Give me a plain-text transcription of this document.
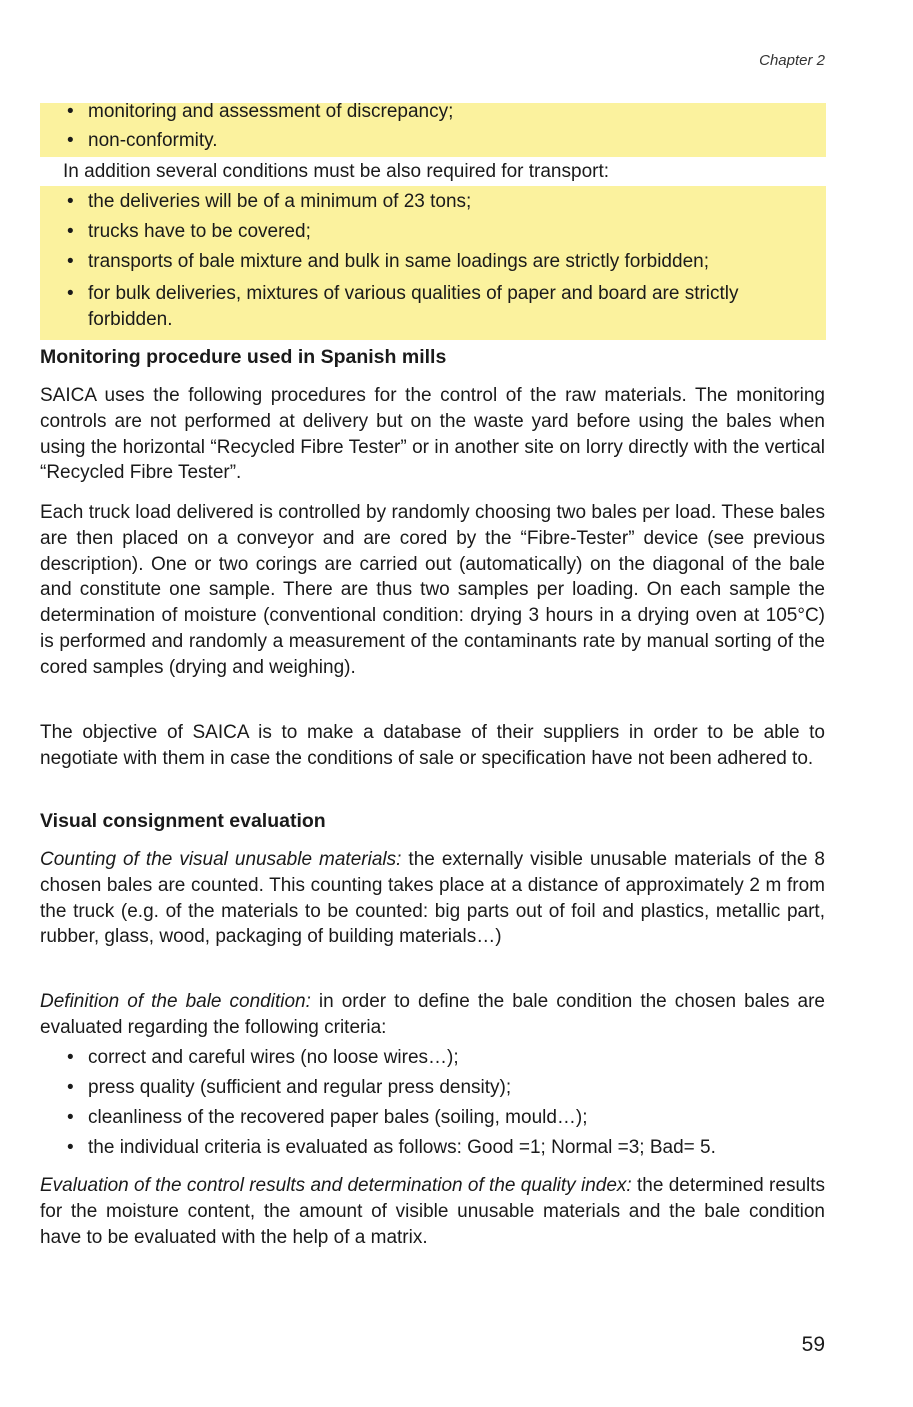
Chapter 2
• monitoring and assessment of discrepancy;
• non-conformity.
In addition several conditions must be also required for transport:
• the deliveries will be of a minimum of 23 tons;
• trucks have to be covered;
• transports of bale mixture and bulk in same loadings are strictly forbidden;
• for bulk deliveries, mixtures of various qualities of paper and board are strictly forbidden.
Monitoring procedure used in Spanish mills
SAICA uses the following procedures for the control of the raw materials. The monitoring controls are not performed at delivery but on the waste yard before using the bales when using the horizontal “Recycled Fibre Tester” or in another site on lorry directly with the vertical “Recycled Fibre Tester”.
Each truck load delivered is controlled by randomly choosing two bales per load. These bales are then placed on a conveyor and are cored by the “Fibre-Tester” device (see previous description). One or two corings are carried out (automatically) on the diagonal of the bale and constitute one sample. There are thus two samples per loading. On each sample the determination of moisture (conventional condition: drying 3 hours in a drying oven at 105°C) is performed and randomly a measurement of the contaminants rate by manual sorting of the cored samples (drying and weighing).
The objective of SAICA is to make a database of their suppliers in order to be able to negotiate with them in case the conditions of sale or specification have not been adhered to.
Visual consignment evaluation
Counting of the visual unusable materials: the externally visible unusable materials of the 8 chosen bales are counted. This counting takes place at a distance of approximately 2 m from the truck (e.g. of the materials to be counted: big parts out of foil and plastics, metallic part, rubber, glass, wood, packaging of building materials…)
Definition of the bale condition: in order to define the bale condition the chosen bales are evaluated regarding the following criteria:
• correct and careful wires (no loose wires…);
• press quality (sufficient and regular press density);
• cleanliness of the recovered paper bales (soiling, mould…);
• the individual criteria is evaluated as follows: Good =1; Normal =3; Bad= 5.
Evaluation of the control results and determination of the quality index: the determined results for the moisture content, the amount of visible unusable materials and the bale condition have to be evaluated with the help of a matrix.
59
